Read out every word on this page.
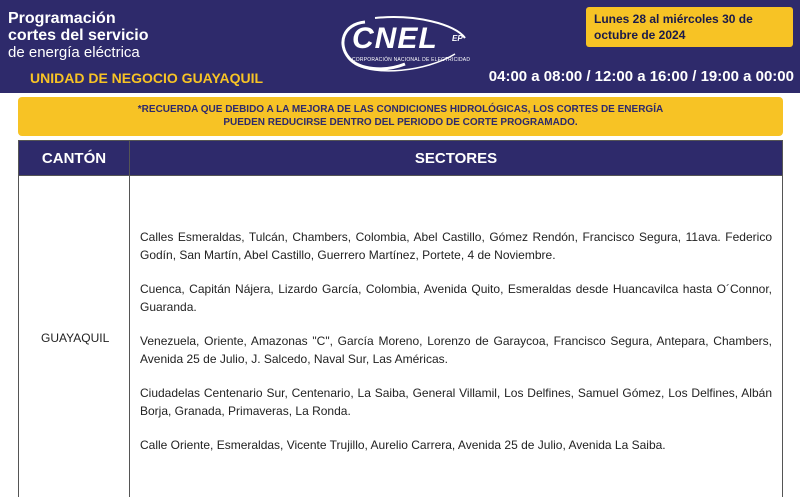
Programación
cortes del servicio
de energía eléctrica
UNIDAD DE NEGOCIO GUAYAQUIL
CNEL EP
CORPORACIÓN NACIONAL DE ELECTRICIDAD
Lunes 28 al miércoles 30 de octubre de 2024
04:00 a 08:00 / 12:00 a 16:00 / 19:00 a 00:00
*RECUERDA QUE DEBIDO A LA MEJORA DE LAS CONDICIONES HIDROLÓGICAS, LOS CORTES DE ENERGÍA
PUEDEN REDUCIRSE DENTRO DEL PERIODO DE CORTE PROGRAMADO.
CANTÓN	SECTORES
GUAYAQUIL

Calles Esmeraldas, Tulcán, Chambers, Colombia, Abel Castillo, Gómez Rendón, Francisco Segura, 11ava. Federico Godín, San Martín, Abel Castillo, Guerrero Martínez, Portete, 4 de Noviembre.

Cuenca, Capitán Nájera, Lizardo García, Colombia, Avenida Quito, Esmeraldas desde Huancavilca hasta O´Connor, Guaranda.

Venezuela, Oriente, Amazonas "C", García Moreno, Lorenzo de Garaycoa, Francisco Segura, Antepara, Chambers, Avenida 25 de Julio, J. Salcedo, Naval Sur, Las Américas.

Ciudadelas Centenario Sur, Centenario, La Saiba, General Villamil, Los Delfines, Samuel Gómez, Los Delfines, Albán Borja, Granada, Primaveras, La Ronda.

Calle Oriente, Esmeraldas, Vicente Trujillo, Aurelio Carrera, Avenida 25 de Julio, Avenida La Saiba.
